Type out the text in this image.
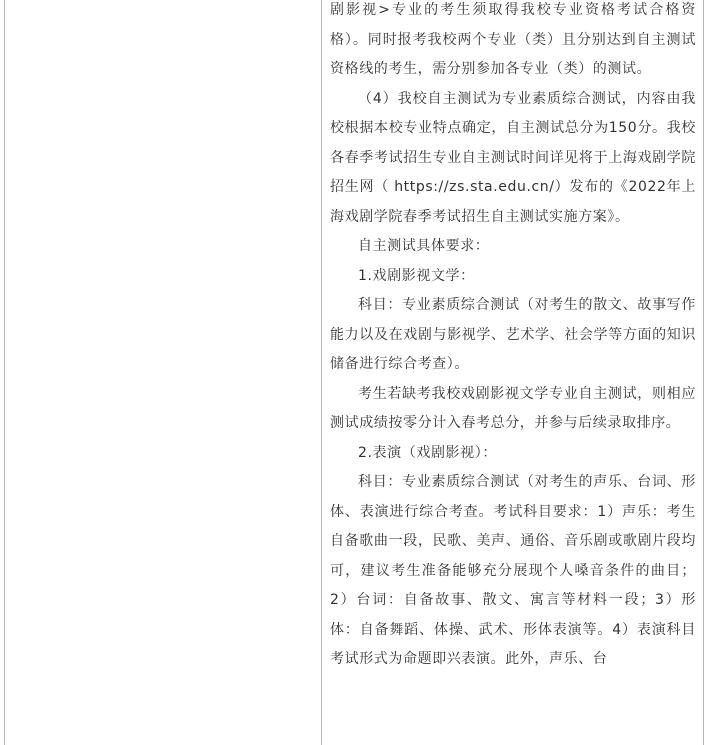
剧影视>专业的考生须取得我校专业资格考试合格资格）。同时报考我校两个专业（类）且分别达到自主测试资格线的考生，需分别参加各专业（类）的测试。

（4）我校自主测试为专业素质综合测试，内容由我校根据本校专业特点确定，自主测试总分为150分。我校各春季考试招生专业自主测试时间详见将于上海戏剧学院招生网（ https://zs.sta.edu.cn/）发布的《2022年上海戏剧学院春季考试招生自主测试实施方案》。

自主测试具体要求：

1.戏剧影视文学：

科目：专业素质综合测试（对考生的散文、故事写作能力以及在戏剧与影视学、艺术学、社会学等方面的知识储备进行综合考查）。

考生若缺考我校戏剧影视文学专业自主测试，则相应测试成绩按零分计入春考总分，并参与后续录取排序。

2.表演（戏剧影视）：

科目：专业素质综合测试（对考生的声乐、台词、形体、表演进行综合考查。考试科目要求：1）声乐：考生自备歌曲一段，民歌、美声、通俗、音乐剧或歌剧片段均可，建议考生准备能够充分展现个人嗓音条件的曲目；2）台词：自备故事、散文、寓言等材料一段；3）形体：自备舞蹈、体操、武术、形体表演等。4）表演科目考试形式为命题即兴表演。此外，声乐、台
